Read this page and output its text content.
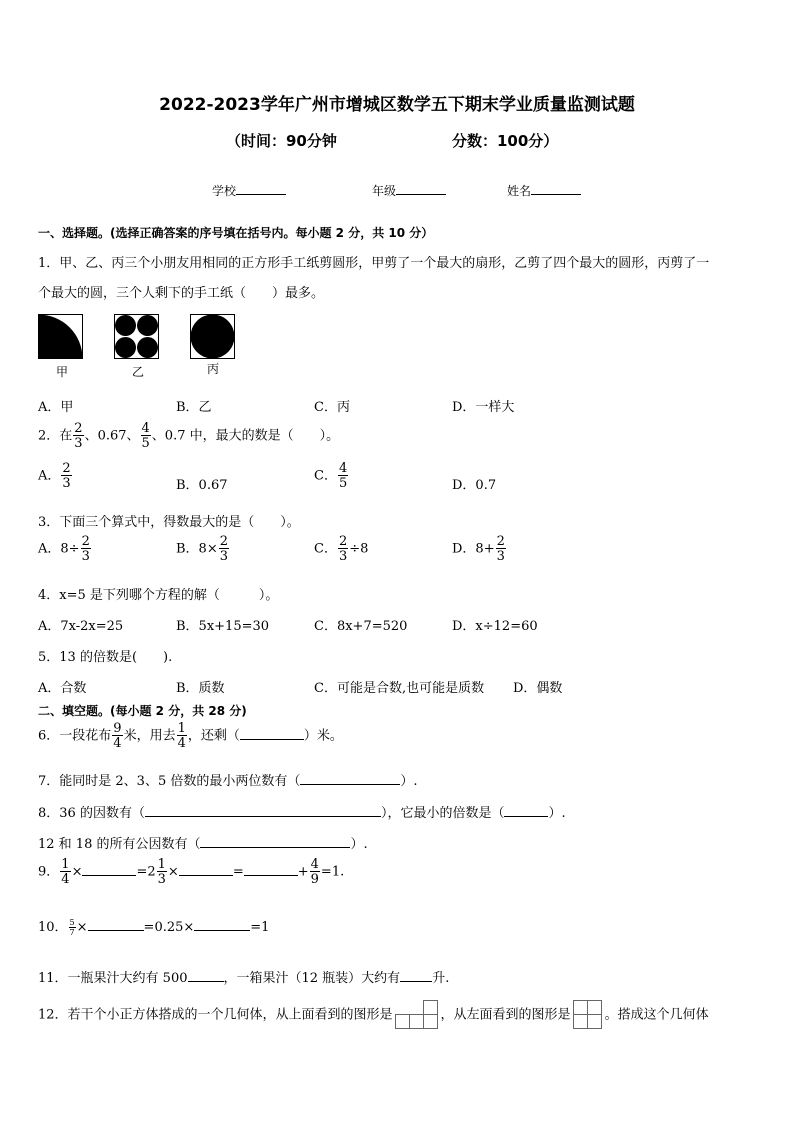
2022-2023学年广州市增城区数学五下期末学业质量监测试题
（时间：90分钟	分数：100分）
学校	年级	姓名
一、选择题。(选择正确答案的序号填在括号内。每小题 2 分，共 10 分）
1．甲、乙、丙三个小朋友用相同的正方形手工纸剪圆形，甲剪了一个最大的扇形，乙剪了四个最大的圆形，丙剪了一
个最大的圆，三个人剩下的手工纸（　　）最多。
甲	乙	丙
A．甲	B．乙	C．丙	D．一样大
2．在 $\frac{2}{3}$ 、0.67、 $\frac{4}{5}$ 、0.7 中，最大的数是（　　）。
A． $\frac{2}{3}$	B．0.67
C． $\frac{4}{5}$	D．0.7
3．下面三个算式中，得数最大的是（　　）。
A．$8\div \frac{2}{3}$	B．$8\times \frac{2}{3}$	C． $\frac{2}{3} \div 8$	D．$8+ \frac{2}{3}$
4．x=5 是下列哪个方程的解（　　　）。
A．7x-2x=25	B．5x+15=30	C．8x+7=520	D．x÷12=60
5．13 的倍数是(　　).
A．合数	B．质数	C．可能是合数,也可能是质数 D．偶数
二、填空题。(每小题 2 分，共 28 分)
6．一段花布 $\frac{9}{4}$ 米，用去 $\frac{1}{4}$ ，还剩（	）米。
7．能同时是 2、3、5 倍数的最小两位数有（	）.
8．36 的因数有（	），它最小的倍数是（	）.
12 和 18 的所有公因数有（	）.
9． $\frac{1}{4}$ ×	$=2 \frac{1}{3}$ ×	=	+ $\frac{4}{9} =1$.
10． $\frac{5}{7}$ ×	=0.25×	=1
11．一瓶果汁大约有 500	，一箱果汁（12 瓶装）大约有 升.
12．若干个小正方体搭成的一个几何体，从上面看到的图形是	，从左面看到的图形是	。搭成这个几何体
